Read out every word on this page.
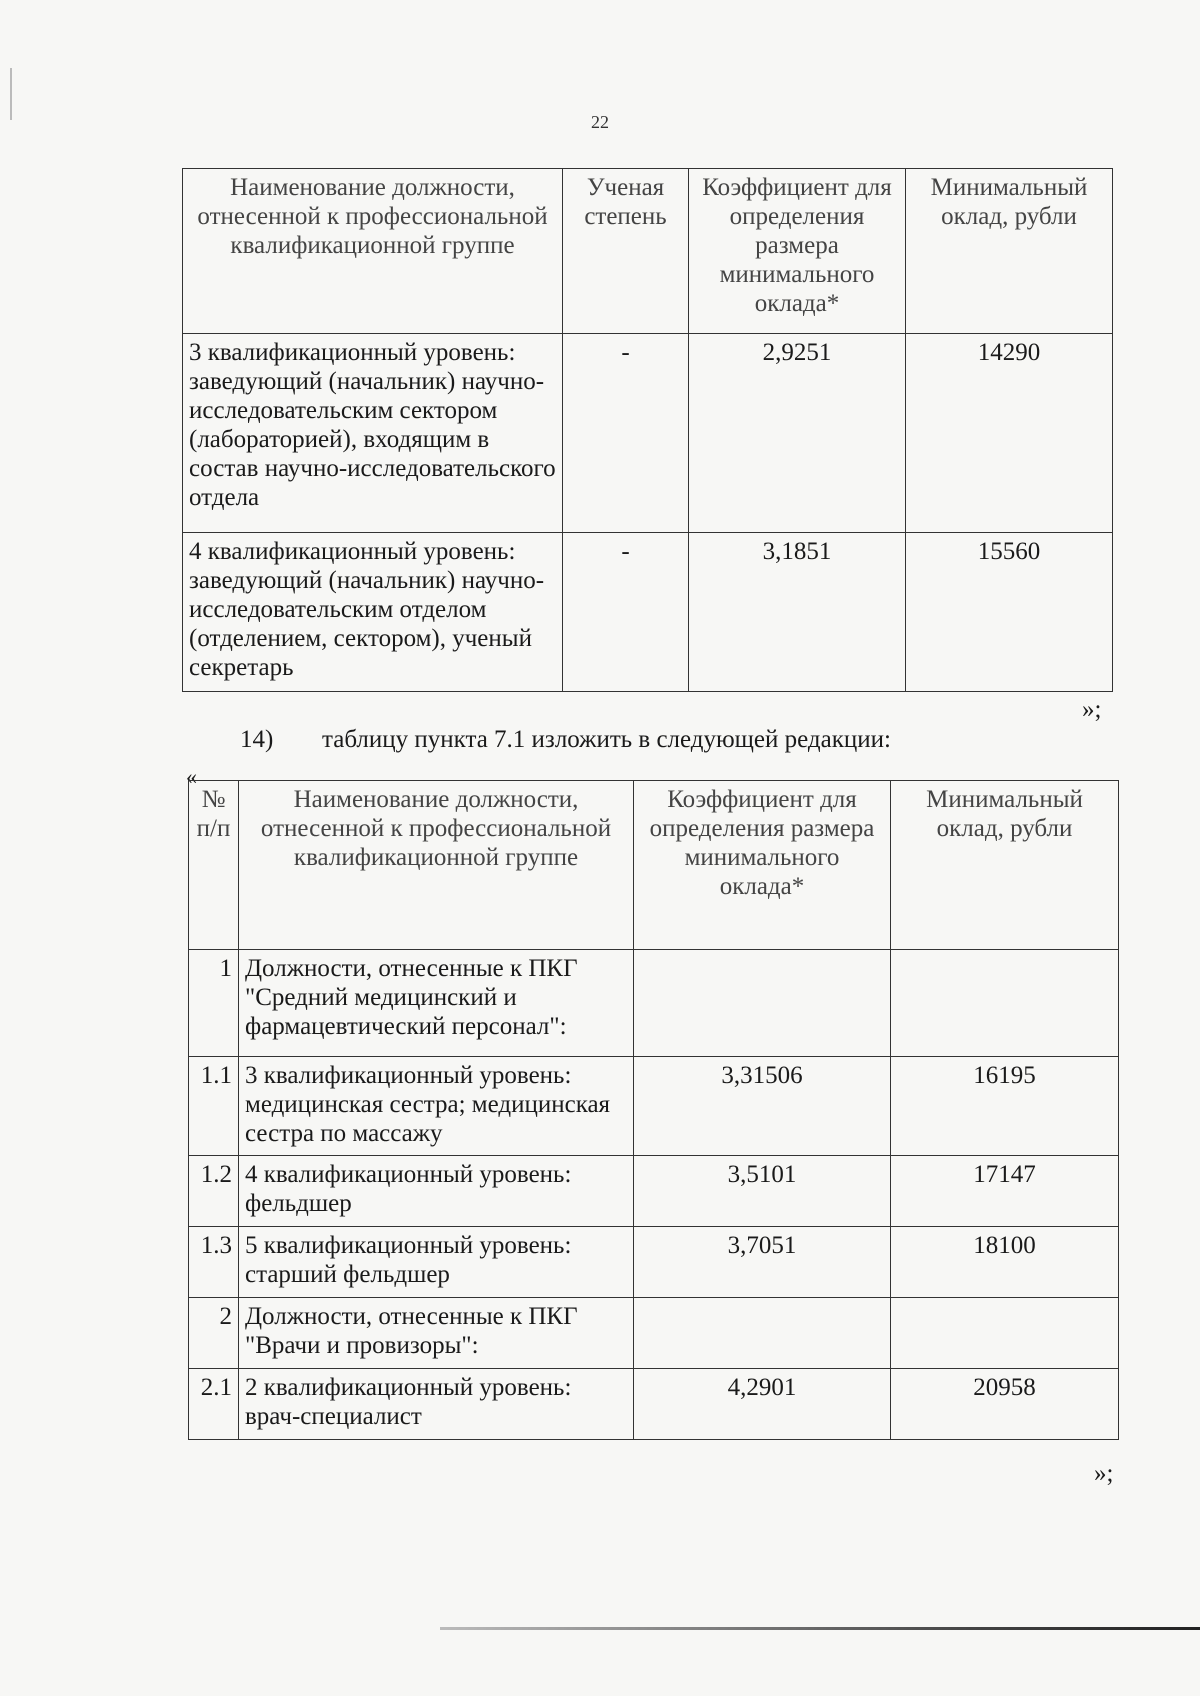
22
Наименование должности, отнесенной к профессиональной квалификационной группе	Ученая степень	Коэффициент для определения размера минимального оклада*	Минимальный оклад, рубли
3 квалификационный уровень: заведующий (начальник) научно-исследовательским сектором (лабораторией), входящим в состав научно-исследовательского отдела	-	2,9251	14290
4 квалификационный уровень: заведующий (начальник) научно-исследовательским отделом (отделением, сектором), ученый секретарь	-	3,1851	15560
»;
14) таблицу пункта 7.1 изложить в следующей редакции:
«
№ п/п	Наименование должности, отнесенной к профессиональной квалификационной группе	Коэффициент для определения размера минимального оклада*	Минимальный оклад, рубли
1	Должности, отнесенные к ПКГ "Средний медицинский и фармацевтический персонал":		
1.1	3 квалификационный уровень: медицинская сестра; медицинская сестра по массажу	3,31506	16195
1.2	4 квалификационный уровень: фельдшер	3,5101	17147
1.3	5 квалификационный уровень: старший фельдшер	3,7051	18100
2	Должности, отнесенные к ПКГ "Врачи и провизоры":		
2.1	2 квалификационный уровень: врач-специалист	4,2901	20958
»;
